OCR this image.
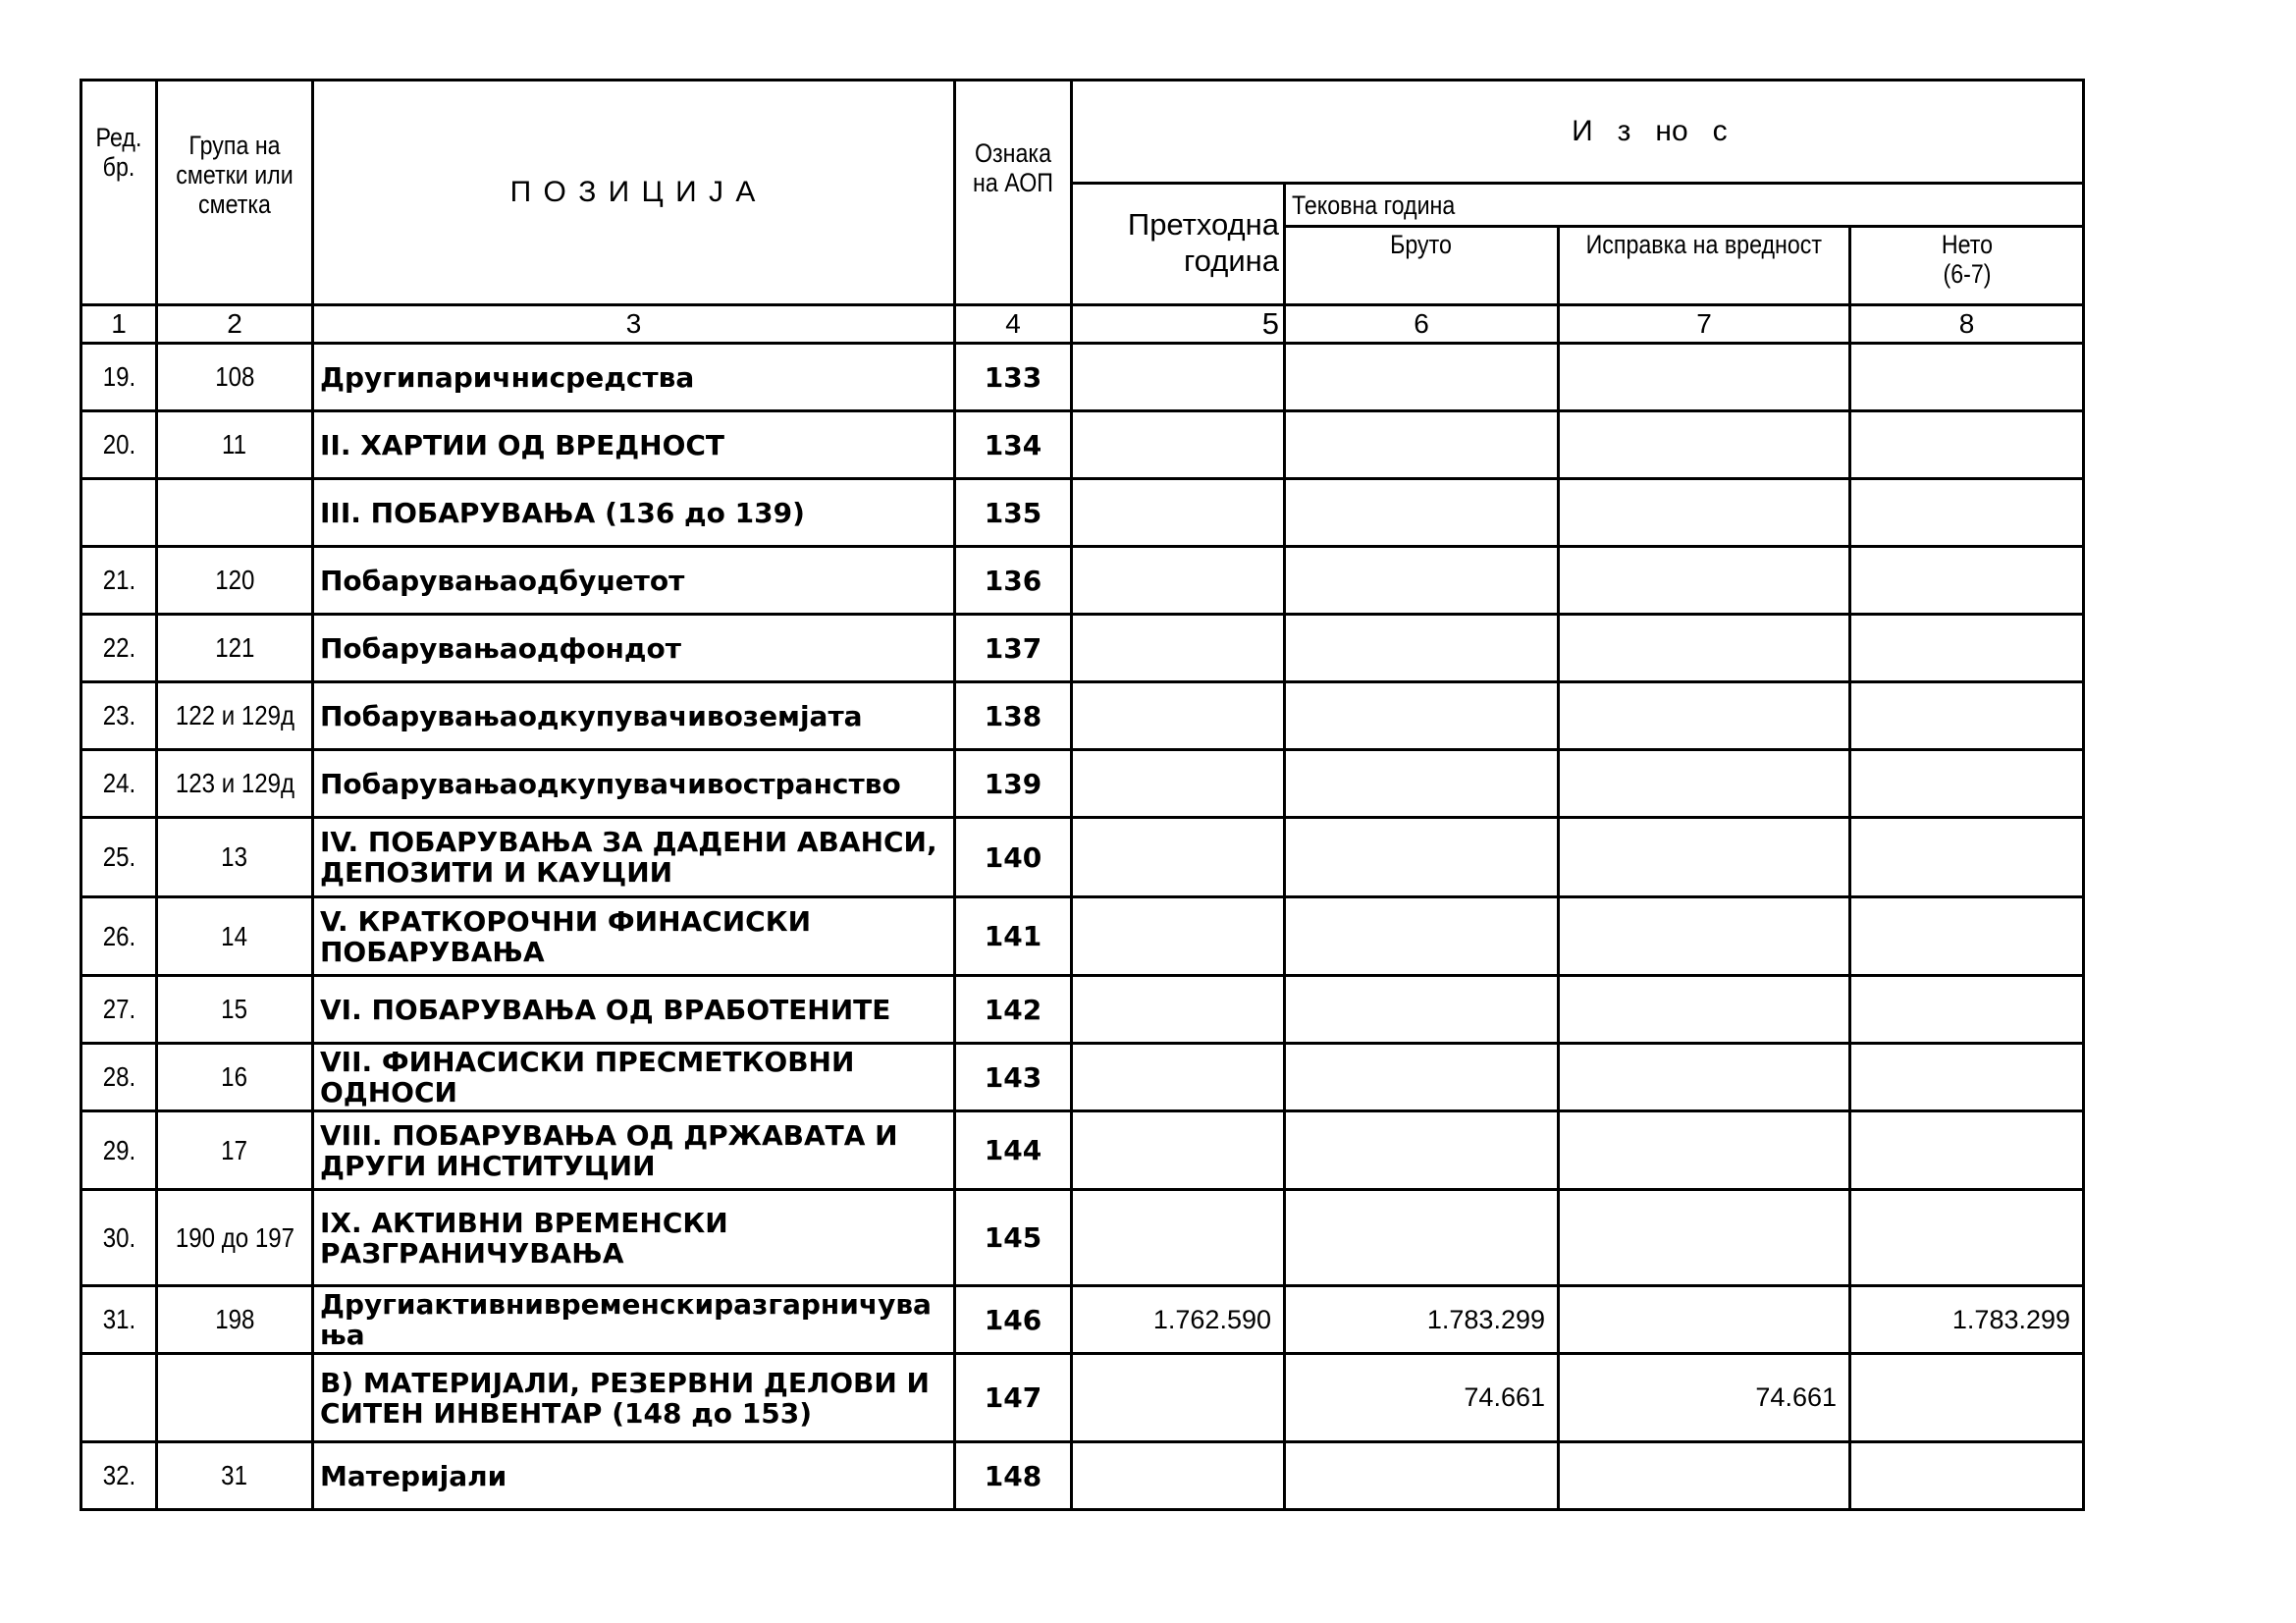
Ред. бр.	Група на сметки или сметка	П О З И Ц И Ј А	Ознака на АОП	И   з   но   с			

				Претходна година	Тековна година		
					Бруто	Исправка на вредност	Нето (6-7)
1	2	3	4	5	6	7	8
19.	108	Другипаричнисредства	133				
20.	11	II. ХАРТИИ ОД ВРЕДНОСТ	134				
		III. ПОБАРУВАЊА (136 до 139)	135				
21.	120	Побарувањаодбуџетот	136				
22.	121	Побарувањаодфондот	137				
23.	122 и 129д	Побарувањаодкупувачивоземјата	138				
24.	123 и 129д	Побарувањаодкупувачивостранство	139				
25.	13	IV. ПОБАРУВАЊА ЗА ДАДЕНИ АВАНСИ, ДЕПОЗИТИ И КАУЦИИ	140				
26.	14	V. КРАТКОРОЧНИ ФИНАСИСКИ ПОБАРУВАЊА	141				
27.	15	VI. ПОБАРУВАЊА ОД ВРАБОТЕНИТЕ	142				
28.	16	VII. ФИНАСИСКИ ПРЕСМЕТКОВНИ ОДНОСИ	143				
29.	17	VIII. ПОБАРУВАЊА ОД ДРЖАВАТА И ДРУГИ ИНСТИТУЦИИ	144				
30.	190 до 197	IX. АКТИВНИ ВРЕМЕНСКИ РАЗГРАНИЧУВАЊА	145				
31.	198	Другиактивнивременскиразгарничува ња	146	1.762.590	1.783.299		1.783.299
		В) МАТЕРИЈАЛИ, РЕЗЕРВНИ ДЕЛОВИ И СИТЕН ИНВЕНТАР (148 до 153)	147		74.661	74.661	
32.	31	Материјали	148				
